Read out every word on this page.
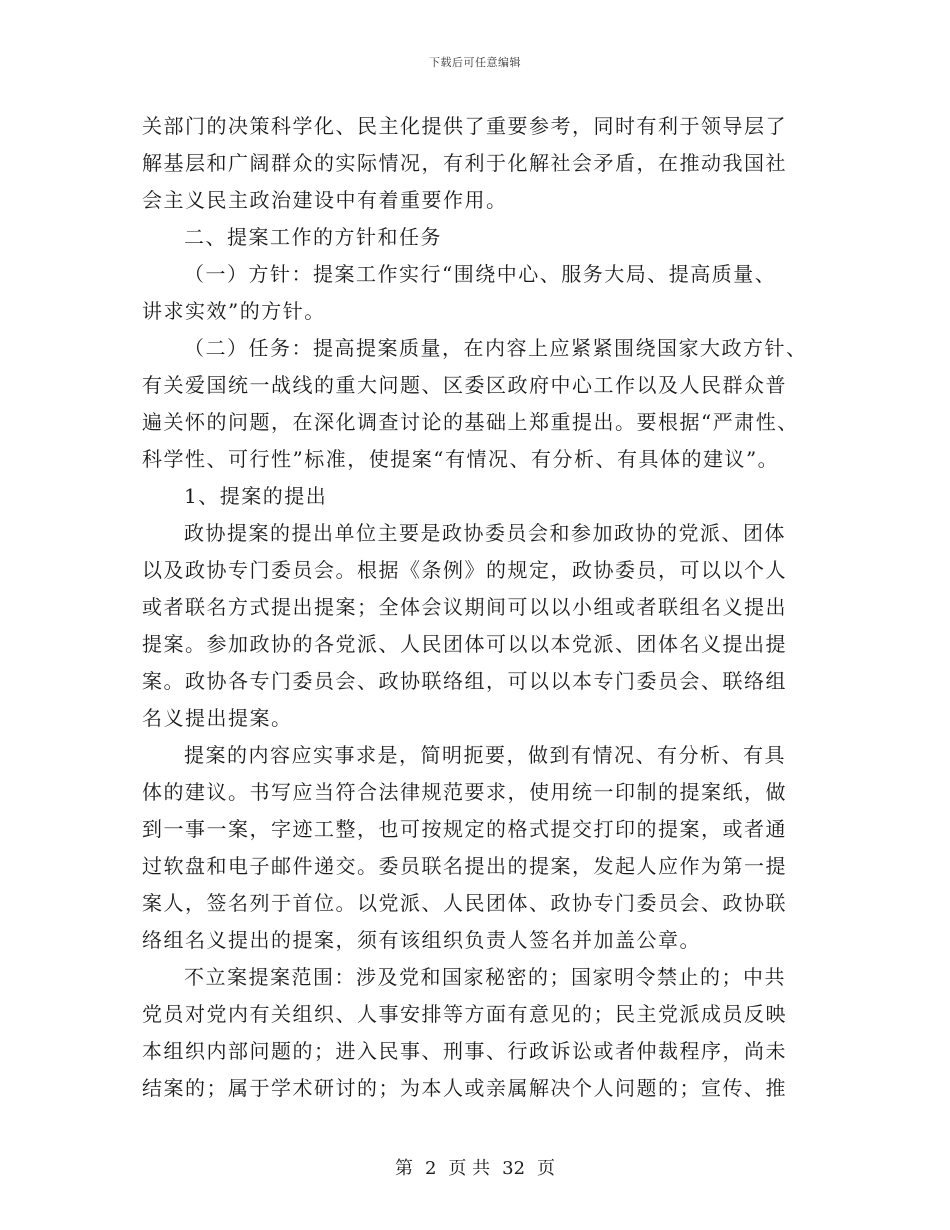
下载后可任意编辑
关部门的决策科学化、民主化提供了重要参考，同时有利于领导层了
解基层和广阔群众的实际情况，有利于化解社会矛盾，在推动我国社
会主义民主政治建设中有着重要作用。
二、提案工作的方针和任务
（一）方针：提案工作实行“围绕中心、服务大局、提高质量、
讲求实效”的方针。
（二）任务：提高提案质量，在内容上应紧紧围绕国家大政方针、
有关爱国统一战线的重大问题、区委区政府中心工作以及人民群众普
遍关怀的问题，在深化调查讨论的基础上郑重提出。要根据“严肃性、
科学性、可行性”标准，使提案“有情况、有分析、有具体的建议”。
1、提案的提出
政协提案的提出单位主要是政协委员会和参加政协的党派、团体
以及政协专门委员会。根据《条例》的规定，政协委员，可以以个人
或者联名方式提出提案；全体会议期间可以以小组或者联组名义提出
提案。参加政协的各党派、人民团体可以以本党派、团体名义提出提
案。政协各专门委员会、政协联络组，可以以本专门委员会、联络组
名义提出提案。
提案的内容应实事求是，简明扼要，做到有情况、有分析、有具
体的建议。书写应当符合法律规范要求，使用统一印制的提案纸，做
到一事一案，字迹工整，也可按规定的格式提交打印的提案，或者通
过软盘和电子邮件递交。委员联名提出的提案，发起人应作为第一提
案人，签名列于首位。以党派、人民团体、政协专门委员会、政协联
络组名义提出的提案，须有该组织负责人签名并加盖公章。
不立案提案范围：涉及党和国家秘密的；国家明令禁止的；中共
党员对党内有关组织、人事安排等方面有意见的；民主党派成员反映
本组织内部问题的；进入民事、刑事、行政诉讼或者仲裁程序，尚未
结案的；属于学术研讨的；为本人或亲属解决个人问题的；宣传、推
第 2 页 共 32 页
